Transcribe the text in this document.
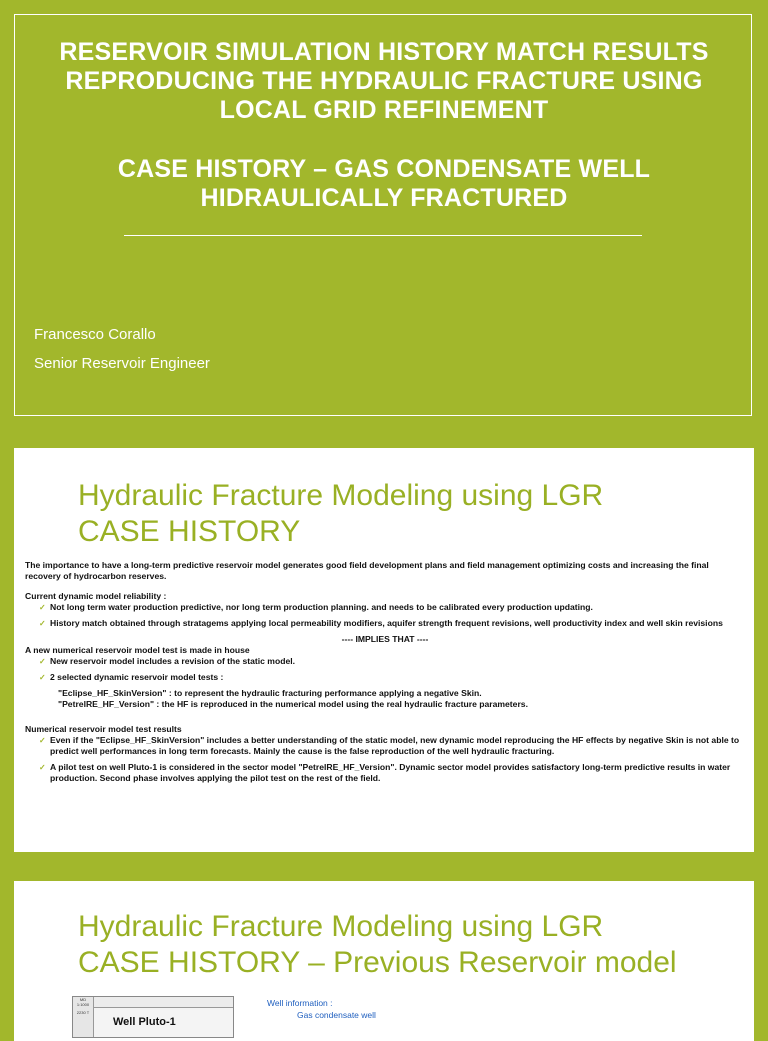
RESERVOIR SIMULATION HISTORY MATCH RESULTS
REPRODUCING THE HYDRAULIC FRACTURE USING
LOCAL GRID REFINEMENT
CASE HISTORY – GAS CONDENSATE WELL
HIDRAULICALLY FRACTURED
Francesco Corallo
Senior Reservoir Engineer
Hydraulic Fracture Modeling using LGR
CASE HISTORY

The importance to have a long-term predictive reservoir model generates good field development plans and field management optimizing costs and increasing the final recovery of hydrocarbon reserves.

Current dynamic model reliability :

✓ Not long term water production predictive, nor long term production planning. and needs to be calibrated every production updating.
✓ History match obtained through stratagems applying local permeability modifiers, aquifer strength frequent revisions, well productivity index and well skin revisions

---- IMPLIES THAT ----

A new numerical reservoir model test is made in house

✓ New reservoir model includes a revision of the static model.
✓ 2 selected dynamic reservoir model tests :

"Eclipse_HF_SkinVersion" : to represent the hydraulic fracturing performance applying a negative Skin.

"PetrelRE_HF_Version" : the HF is reproduced in the numerical model using the real hydraulic fracture parameters.

Numerical reservoir model test results

✓ Even if the "Eclipse_HF_SkinVersion" includes a better understanding of the static model, new dynamic model reproducing the HF effects by negative Skin is not able to predict well performances in long term forecasts. Mainly the cause is the false reproduction of the well hydraulic fracturing.
✓ A pilot test on well Pluto-1 is considered in the sector model "PetrelRE_HF_Version". Dynamic sector model provides satisfactory long-term predictive results in water production. Second phase involves applying the pilot test on the rest of the field.
Hydraulic Fracture Modeling using LGR
CASE HISTORY – Previous Reservoir model
MD
1:1000
2230 T
Well Pluto-1
Well information :
Gas condensate well
